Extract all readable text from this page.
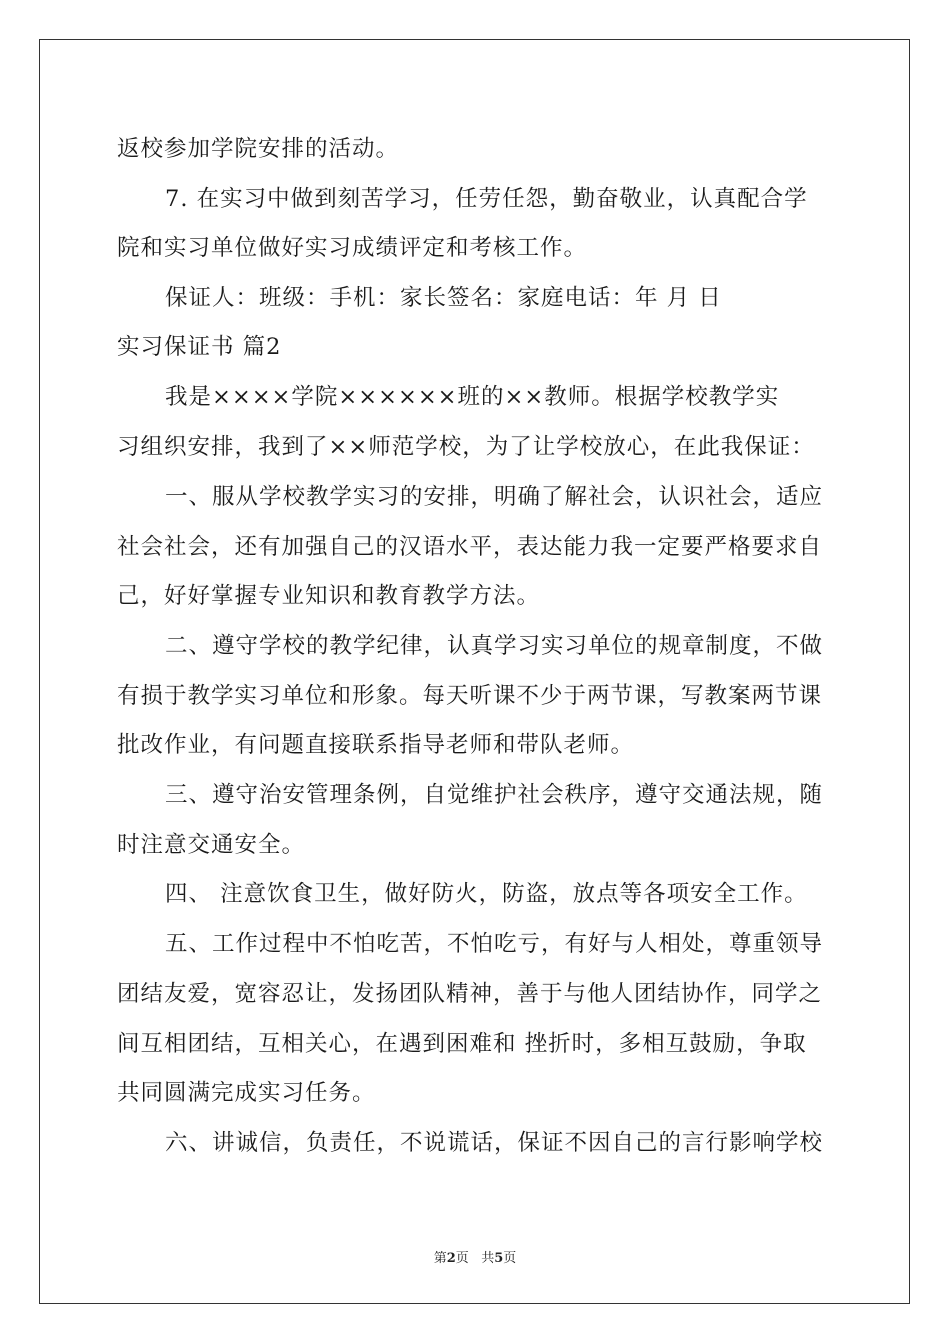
返校参加学院安排的活动。
7. 在实习中做到刻苦学习，任劳任怨，勤奋敬业，认真配合学
院和实习单位做好实习成绩评定和考核工作。
保证人：班级：手机：家长签名：家庭电话：年 月 日
实习保证书 篇2
我是××××学院××××××班的××教师。根据学校教学实
习组织安排，我到了××师范学校，为了让学校放心，在此我保证：
一、服从学校教学实习的安排，明确了解社会，认识社会，适应
社会社会，还有加强自己的汉语水平，表达能力我一定要严格要求自
己，好好掌握专业知识和教育教学方法。
二、遵守学校的教学纪律，认真学习实习单位的规章制度，不做
有损于教学实习单位和形象。每天听课不少于两节课，写教案两节课
批改作业，有问题直接联系指导老师和带队老师。
三、遵守治安管理条例，自觉维护社会秩序，遵守交通法规，随
时注意交通安全。
四、 注意饮食卫生，做好防火，防盗，放点等各项安全工作。
五、工作过程中不怕吃苦，不怕吃亏，有好与人相处，尊重领导
团结友爱，宽容忍让，发扬团队精神，善于与他人团结协作，同学之
间互相团结，互相关心，在遇到困难和 挫折时，多相互鼓励，争取
共同圆满完成实习任务。
六、讲诚信，负责任，不说谎话，保证不因自己的言行影响学校
第2页 共5页
